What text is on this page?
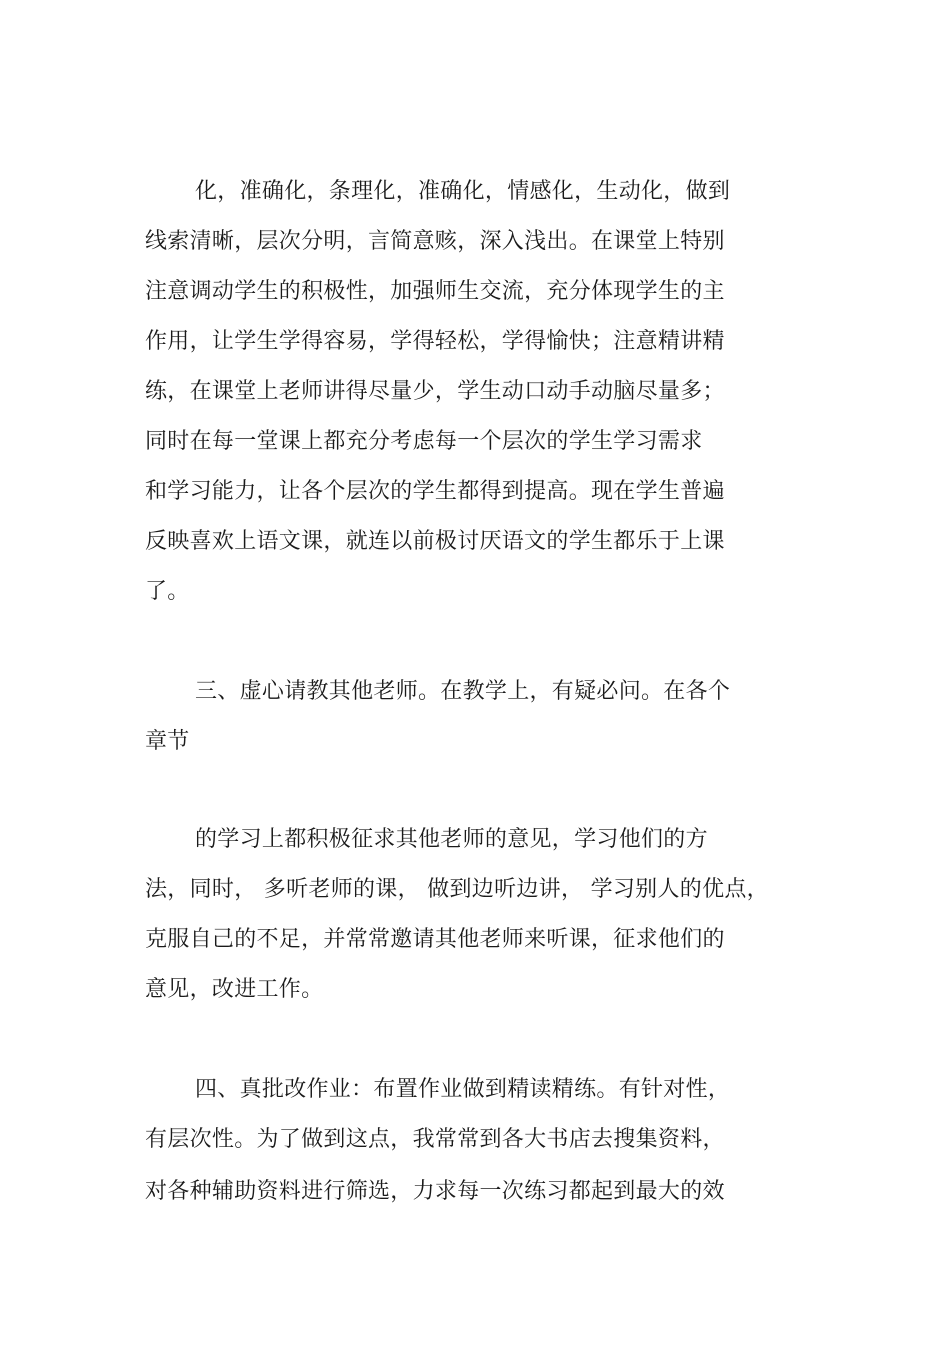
化，准确化，条理化，准确化，情感化，生动化，做到

线索清晰，层次分明，言简意赅，深入浅出。在课堂上特别

注意调动学生的积极性，加强师生交流，充分体现学生的主

作用，让学生学得容易，学得轻松，学得愉快；注意精讲精

练，在课堂上老师讲得尽量少，学生动口动手动脑尽量多；

同时在每一堂课上都充分考虑每一个层次的学生学习需求

和学习能力，让各个层次的学生都得到提高。现在学生普遍

反映喜欢上语文课，就连以前极讨厌语文的学生都乐于上课

了。

三、虚心请教其他老师。在教学上，有疑必问。在各个

章节

的学习上都积极征求其他老师的意见，学习他们的方

法，同时， 多听老师的课， 做到边听边讲， 学习别人的优点，

克服自己的不足，并常常邀请其他老师来听课，征求他们的

意见，改进工作。

四、真批改作业：布置作业做到精读精练。有针对性，

有层次性。为了做到这点，我常常到各大书店去搜集资料，

对各种辅助资料进行筛选，力求每一次练习都起到最大的效
